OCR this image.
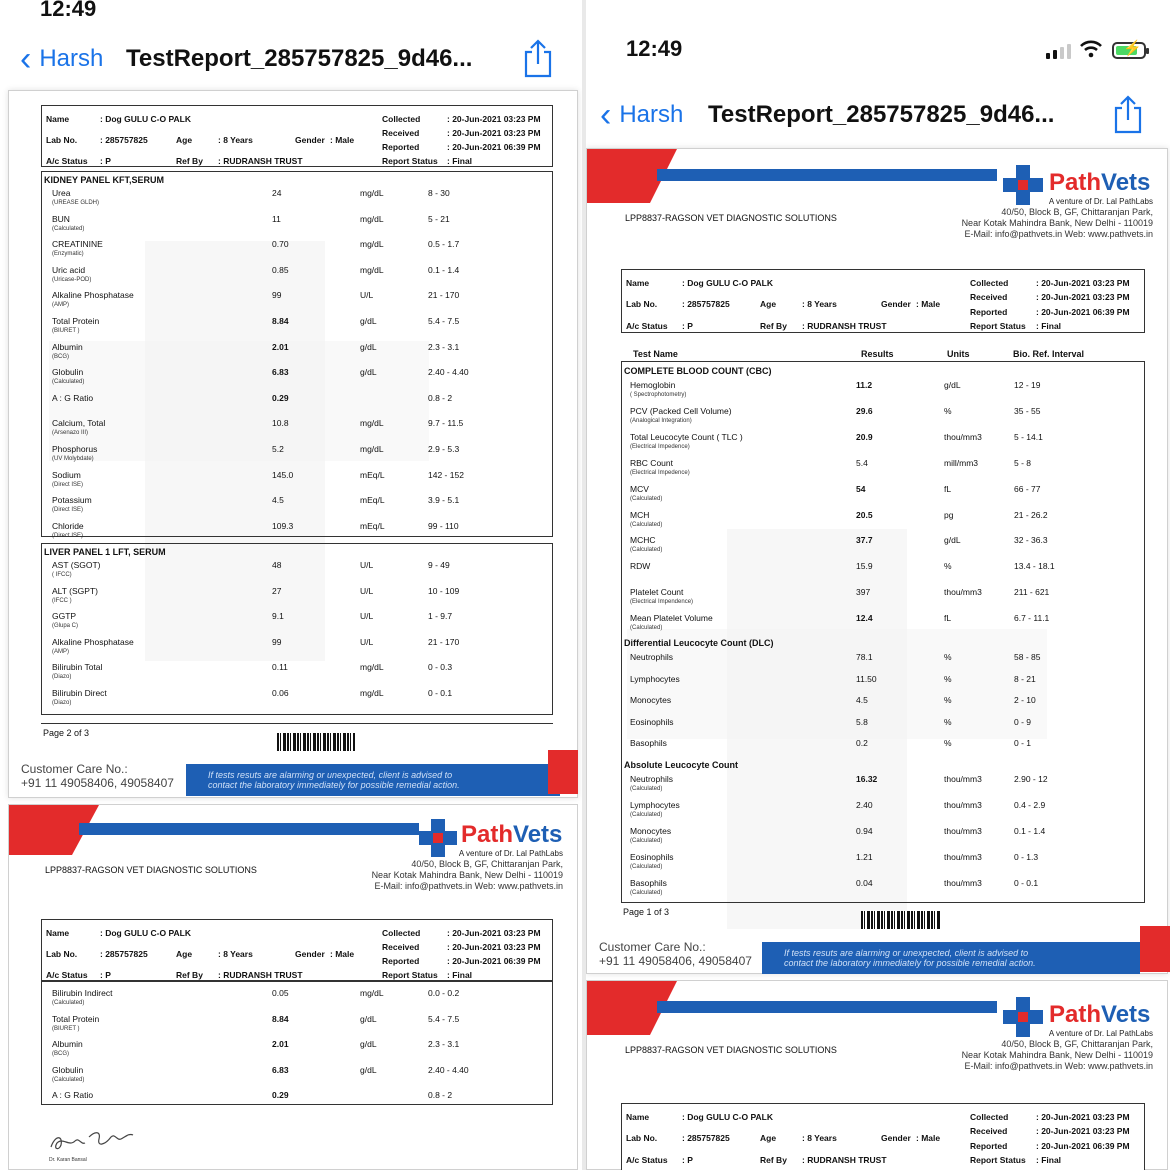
12:49
‹ Harsh TestReport_285757825_9d46...
Name	: Dog GULU C-O PALK
Lab No.	: 285757825	Age	: 8 Years	Gender : Male
A/c Status : P	Ref By : RUDRANSH TRUST
Collected	: 20-Jun-2021 03:23 PM
Received	: 20-Jun-2021 03:23 PM
Reported	: 20-Jun-2021 06:39 PM
Report Status : Final
KIDNEY PANEL KFT,SERUM
Urea
(UREASE GLDH)
24	mg/dL	8 - 30
BUN
(Calculated)
11	mg/dL	5 - 21
CREATININE
(Enzymatic)
0.70	mg/dL	0.5 - 1.7
Uric acid
(Uricase-POD)
0.85	mg/dL	0.1 - 1.4
Alkaline Phosphatase
(AMP)
99	U/L	21 - 170
Total Protein
(BIURET )
8.84	g/dL	5.4 - 7.5
Albumin
(BCG)
2.01	g/dL	2.3 - 3.1
Globulin
(Calculated)
6.83	g/dL	2.40 - 4.40
A : G Ratio	0.29	0.8 - 2
Calcium, Total
(Arsenazo III)
10.8	mg/dL	9.7 - 11.5
Phosphorus
(UV Molybdate)
5.2	mg/dL	2.9 - 5.3
Sodium
(Direct ISE)
145.0	mEq/L	142 - 152
Potassium
(Direct ISE)
4.5	mEq/L	3.9 - 5.1
Chloride
(Direct ISE)
109.3	mEq/L	99 - 110
LIVER PANEL 1 LFT, SERUM
AST (SGOT)
( IFCC)
48	U/L	9 - 49
ALT (SGPT)
(IFCC )
27	U/L	10 - 109
GGTP
(Glupa C)
9.1	U/L	1 - 9.7
Alkaline Phosphatase
(AMP)
99	U/L	21 - 170
Bilirubin Total
(Diazo)
0.11	mg/dL	0 - 0.3
Bilirubin Direct
(Diazo)
0.06	mg/dL	0 - 0.1
Page 2 of 3
Customer Care No.:
+91 11 49058406, 49058407
If tests resuts are alarming or unexpected, client is advised to
contact the laboratory immediately for possible remedial action.
PathVets
A venture of Dr. Lal PathLabs
LPP8837-RAGSON VET DIAGNOSTIC SOLUTIONS
40/50, Block B, GF, Chittaranjan Park,
Near Kotak Mahindra Bank, New Delhi - 110019
E-Mail: info@pathvets.in Web: www.pathvets.in
Name	: Dog GULU C-O PALK
Lab No.	: 285757825	Age	: 8 Years	Gender : Male
A/c Status : P	Ref By : RUDRANSH TRUST
Collected	: 20-Jun-2021 03:23 PM
Received	: 20-Jun-2021 03:23 PM
Reported	: 20-Jun-2021 06:39 PM
Report Status : Final
Bilirubin Indirect
(Calculated)
0.05	mg/dL	0.0 - 0.2
Total Protein
(BIURET )
8.84	g/dL	5.4 - 7.5
Albumin
(BCG)
2.01	g/dL	2.3 - 3.1
Globulin
(Calculated)
6.83	g/dL	2.40 - 4.40
A : G Ratio	0.29	0.8 - 2
Dr. Karan Bansal
12:49	⚡
‹ Harsh TestReport_285757825_9d46...
PathVets
A venture of Dr. Lal PathLabs
LPP8837-RAGSON VET DIAGNOSTIC SOLUTIONS
40/50, Block B, GF, Chittaranjan Park,
Near Kotak Mahindra Bank, New Delhi - 110019
E-Mail: info@pathvets.in Web: www.pathvets.in
Name	: Dog GULU C-O PALK
Lab No.	: 285757825	Age	: 8 Years	Gender : Male
A/c Status : P	Ref By : RUDRANSH TRUST
Collected	: 20-Jun-2021 03:23 PM
Received	: 20-Jun-2021 03:23 PM
Reported	: 20-Jun-2021 06:39 PM
Report Status : Final
Test Name	Results	Units	Bio. Ref. Interval
COMPLETE BLOOD COUNT (CBC)
Hemoglobin
( Spectrophotometry)
11.2	g/dL	12 - 19
PCV (Packed Cell Volume)
(Analogical Integration)
29.6	%	35 - 55
Total Leucocyte Count ( TLC )
(Electrical Impedence)
20.9	thou/mm3	5 - 14.1
RBC Count
(Electrical Impedence)
5.4	mill/mm3	5 - 8
MCV
(Calculated)
54	fL	66 - 77
MCH
(Calculated)
20.5	pg	21 - 26.2
MCHC
(Calculated)
37.7	g/dL	32 - 36.3
RDW	15.9	%	13.4 - 18.1
Platelet Count
(Electrical Impendence)
397	thou/mm3	211 - 621
Mean Platelet Volume
(Calculated)
12.4	fL	6.7 - 11.1
Differential Leucocyte Count (DLC)
Neutrophils	78.1	%	58 - 85
Lymphocytes	11.50	%	8 - 21
Monocytes	4.5	%	2 - 10
Eosinophils	5.8	%	0 - 9
Basophils	0.2	%	0 - 1
Absolute Leucocyte Count
Neutrophils
(Calculated)
16.32	thou/mm3	2.90 - 12
Lymphocytes
(Calculated)
2.40	thou/mm3	0.4 - 2.9
Monocytes
(Calculated)
0.94	thou/mm3	0.1 - 1.4
Eosinophils
(Calculated)
1.21	thou/mm3	0 - 1.3
Basophils
(Calculated)
0.04	thou/mm3	0 - 0.1
Page 1 of 3
Customer Care No.:
+91 11 49058406, 49058407
If tests resuts are alarming or unexpected, client is advised to
contact the laboratory immediately for possible remedial action.
PathVets
A venture of Dr. Lal PathLabs
LPP8837-RAGSON VET DIAGNOSTIC SOLUTIONS
40/50, Block B, GF, Chittaranjan Park,
Near Kotak Mahindra Bank, New Delhi - 110019
E-Mail: info@pathvets.in Web: www.pathvets.in
Name	: Dog GULU C-O PALK
Lab No.	: 285757825	Age	: 8 Years	Gender : Male
A/c Status : P	Ref By : RUDRANSH TRUST
Collected	: 20-Jun-2021 03:23 PM
Received	: 20-Jun-2021 03:23 PM
Reported	: 20-Jun-2021 06:39 PM
Report Status : Final
